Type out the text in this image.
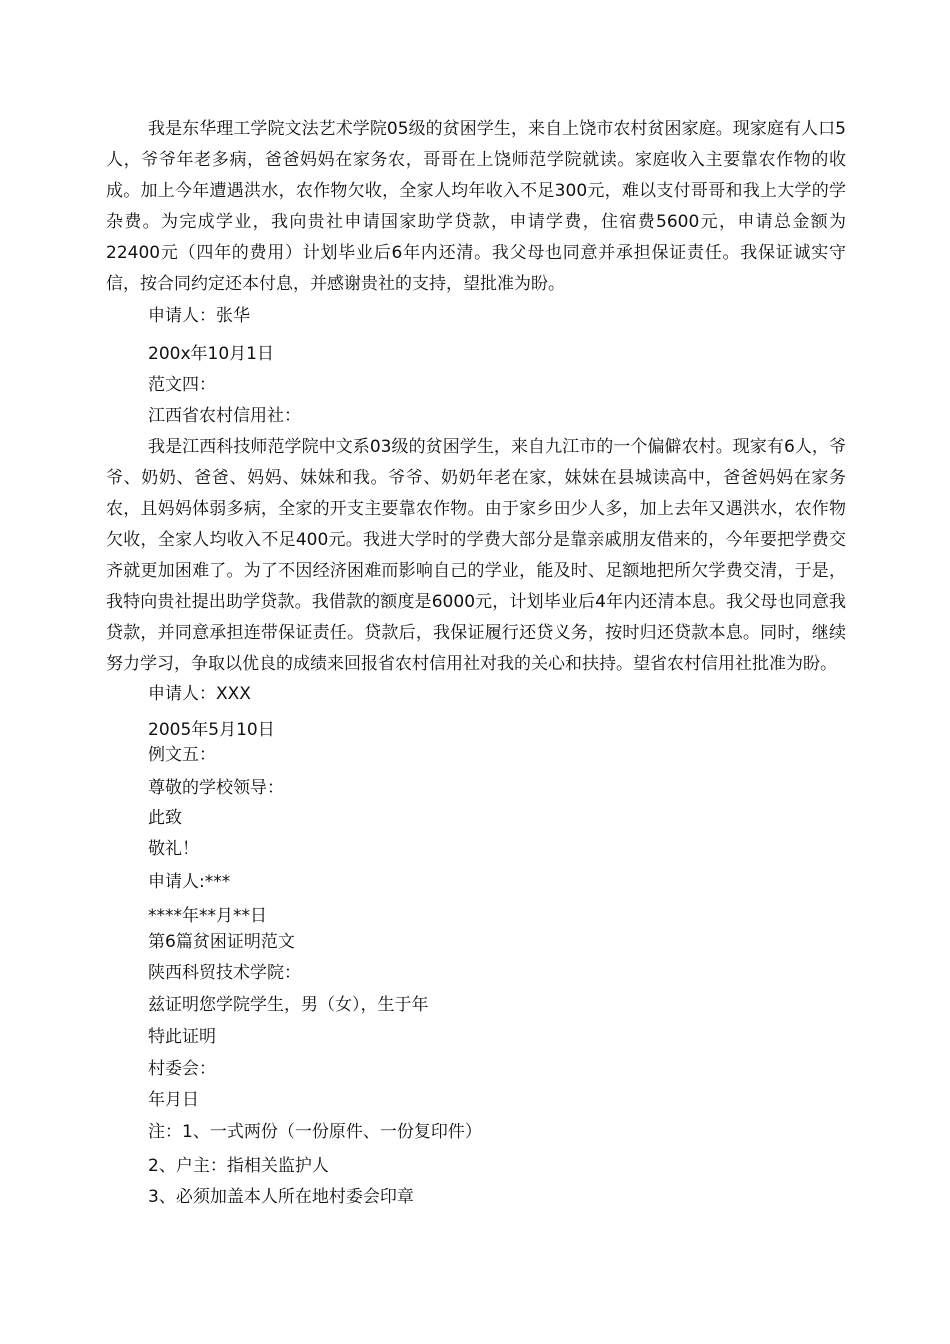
我是东华理工学院文法艺术学院05级的贫困学生，来自上饶市农村贫困家庭。现家庭有人口5人，爷爷年老多病，爸爸妈妈在家务农，哥哥在上饶师范学院就读。家庭收入主要靠农作物的收成。加上今年遭遇洪水，农作物欠收，全家人均年收入不足300元，难以支付哥哥和我上大学的学杂费。为完成学业，我向贵社申请国家助学贷款，申请学费，住宿费5600元，申请总金额为22400元（四年的费用）计划毕业后6年内还清。我父母也同意并承担保证责任。我保证诚实守信，按合同约定还本付息，并感谢贵社的支持，望批准为盼。

申请人：张华

200x年10月1日

范文四：

江西省农村信用社：

我是江西科技师范学院中文系03级的贫困学生，来自九江市的一个偏僻农村。现家有6人，爷爷、奶奶、爸爸、妈妈、妹妹和我。爷爷、奶奶年老在家，妹妹在县城读高中，爸爸妈妈在家务农，且妈妈体弱多病，全家的开支主要靠农作物。由于家乡田少人多，加上去年又遇洪水，农作物欠收，全家人均收入不足400元。我进大学时的学费大部分是靠亲戚朋友借来的，今年要把学费交齐就更加困难了。为了不因经济困难而影响自己的学业，能及时、足额地把所欠学费交清，于是，我特向贵社提出助学贷款。我借款的额度是6000元，计划毕业后4年内还清本息。我父母也同意我贷款，并同意承担连带保证责任。贷款后，我保证履行还贷义务，按时归还贷款本息。同时，继续努力学习，争取以优良的成绩来回报省农村信用社对我的关心和扶持。望省农村信用社批准为盼。

申请人：XXX

2005年5月10日

例文五：

尊敬的学校领导：

此致

敬礼！

申请人:***

****年**月**日

第6篇贫困证明范文

陕西科贸技术学院：

兹证明您学院学生，男（女），生于年

特此证明

村委会：

年月日

注：1、一式两份（一份原件、一份复印件）

2、户主：指相关监护人

3、必须加盖本人所在地村委会印章
